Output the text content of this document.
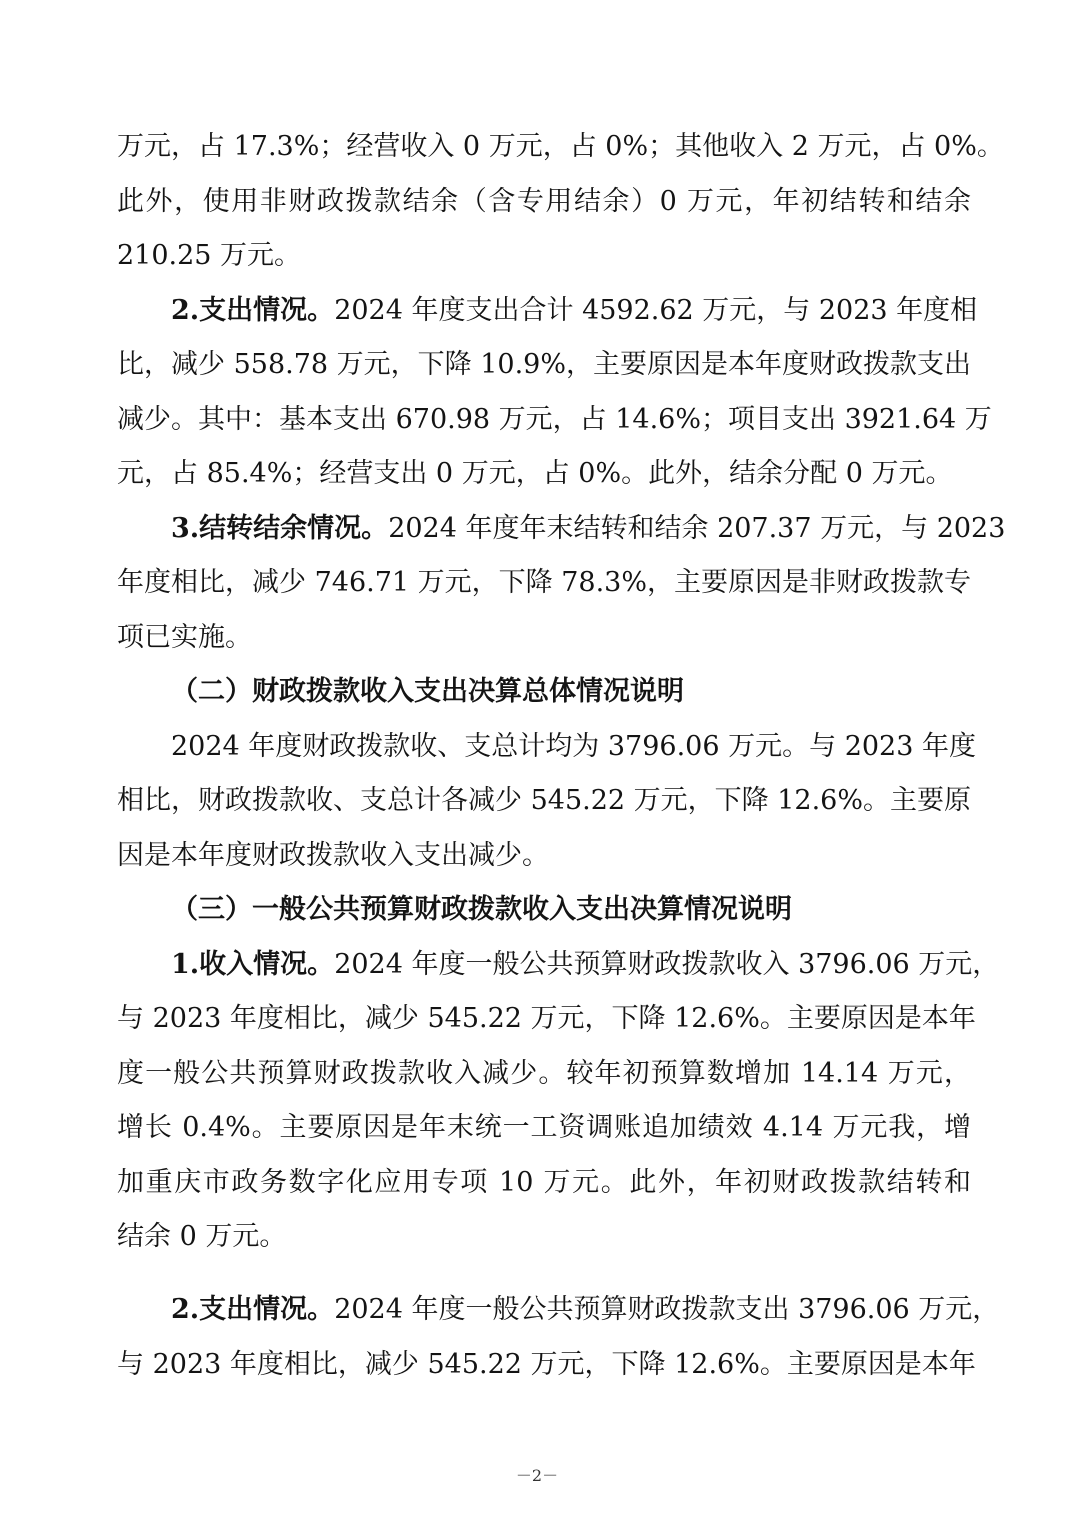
万元，占 17.3%；经营收入 0 万元，占 0%；其他收入 2 万元，占 0%。

此外，使用非财政拨款结余（含专用结余）0 万元，年初结转和结余

210.25 万元。

2.支出情况。2024 年度支出合计 4592.62 万元，与 2023 年度相

比，减少 558.78 万元，下降 10.9%，主要原因是本年度财政拨款支出

减少。其中：基本支出 670.98 万元，占 14.6%；项目支出 3921.64 万

元，占 85.4%；经营支出 0 万元，占 0%。此外，结余分配 0 万元。

3.结转结余情况。2024 年度年末结转和结余 207.37 万元，与 2023

年度相比，减少 746.71 万元，下降 78.3%，主要原因是非财政拨款专

项已实施。

（二）财政拨款收入支出决算总体情况说明

2024 年度财政拨款收、支总计均为 3796.06 万元。与 2023 年度

相比，财政拨款收、支总计各减少 545.22 万元，下降 12.6%。主要原

因是本年度财政拨款收入支出减少。

（三）一般公共预算财政拨款收入支出决算情况说明

1.收入情况。2024 年度一般公共预算财政拨款收入 3796.06 万元，

与 2023 年度相比，减少 545.22 万元，下降 12.6%。主要原因是本年

度一般公共预算财政拨款收入减少。较年初预算数增加 14.14 万元，

增长 0.4%。主要原因是年末统一工资调账追加绩效 4.14 万元我，增

加重庆市政务数字化应用专项 10 万元。此外，年初财政拨款结转和

结余 0 万元。

2.支出情况。2024 年度一般公共预算财政拨款支出 3796.06 万元，

与 2023 年度相比，减少 545.22 万元，下降 12.6%。主要原因是本年

－2－
